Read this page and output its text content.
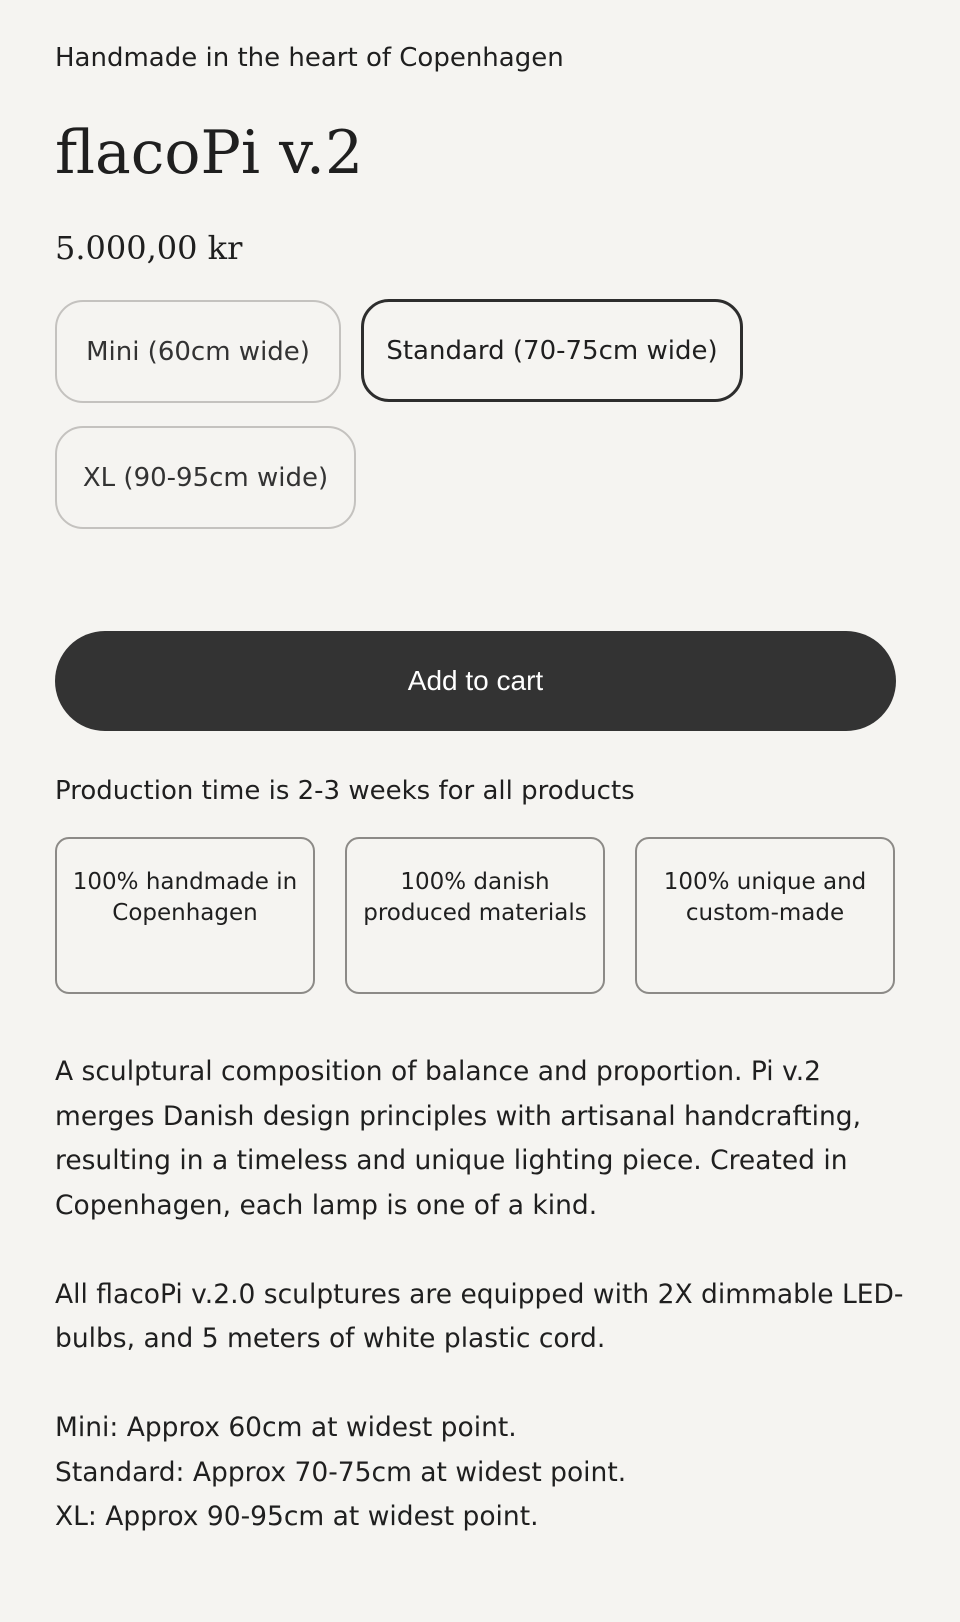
Handmade in the heart of Copenhagen
flacoPi v.2
5.000,00 kr
Mini (60cm wide)	Standard (70-75cm wide)
XL (90-95cm wide)
Add to cart
Production time is 2-3 weeks for all products
100% handmade in Copenhagen
100% danish produced materials
100% unique and custom-made

A sculptural composition of balance and proportion. Pi v.2 merges Danish design principles with artisanal handcrafting, resulting in a timeless and unique lighting piece. Created in Copenhagen, each lamp is one of a kind.

All flacoPi v.2.0 sculptures are equipped with 2X dimmable LED-bulbs, and 5 meters of white plastic cord.

Mini: Approx 60cm at widest point.
Standard: Approx 70-75cm at widest point.
XL: Approx 90-95cm at widest point.
